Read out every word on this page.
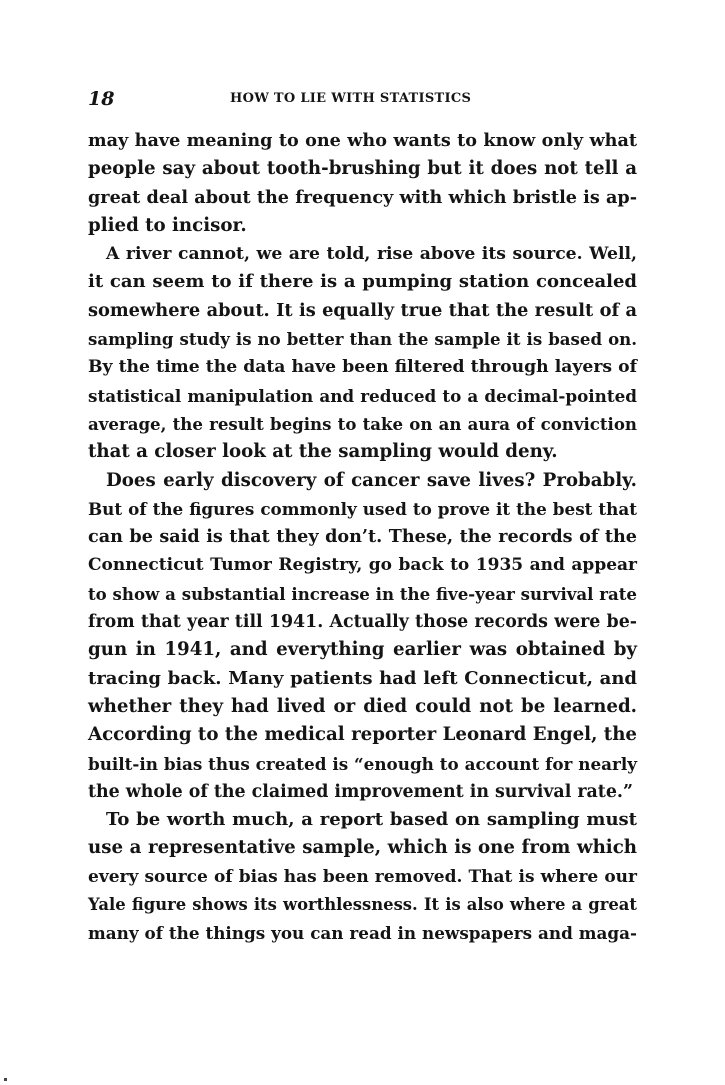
18	HOW TO LIE WITH STATISTICS
may have meaning to one who wants to know only what
people say about tooth-brushing but it does not tell a
great deal about the frequency with which bristle is ap-
plied to incisor.
A river cannot, we are told, rise above its source. Well,
it can seem to if there is a pumping station concealed
somewhere about. It is equally true that the result of a
sampling study is no better than the sample it is based on.
By the time the data have been filtered through layers of
statistical manipulation and reduced to a decimal-pointed
average, the result begins to take on an aura of conviction
that a closer look at the sampling would deny.
Does early discovery of cancer save lives? Probably.
But of the figures commonly used to prove it the best that
can be said is that they don’t. These, the records of the
Connecticut Tumor Registry, go back to 1935 and appear
to show a substantial increase in the five-year survival rate
from that year till 1941. Actually those records were be-
gun in 1941, and everything earlier was obtained by
tracing back. Many patients had left Connecticut, and
whether they had lived or died could not be learned.
According to the medical reporter Leonard Engel, the
built-in bias thus created is “enough to account for nearly
the whole of the claimed improvement in survival rate.”
To be worth much, a report based on sampling must
use a representative sample, which is one from which
every source of bias has been removed. That is where our
Yale figure shows its worthlessness. It is also where a great
many of the things you can read in newspapers and maga-
